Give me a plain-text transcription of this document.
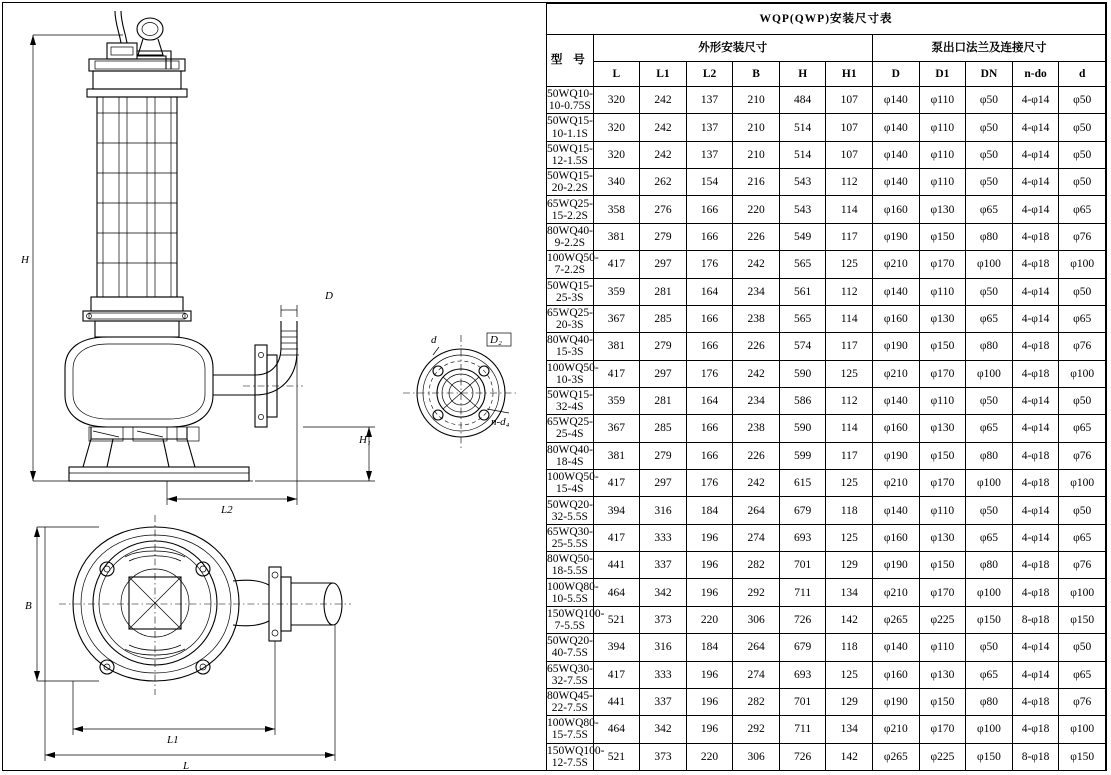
D
H
H₁
L2
d	D₂
n-d₄
B
L1
L
WQP(QWP)安装尺寸表											
型 号	外形安装尺寸						泵出口法兰及连接尺寸				
	L	L1	L2	B	H	H1	D	D1	DN	n-do	d
50WQ10-10-0.75S	320	242	137	210	484	107	φ140	φ110	φ50	4-φ14	φ50
50WQ15-10-1.1S	320	242	137	210	514	107	φ140	φ110	φ50	4-φ14	φ50
50WQ15-12-1.5S	320	242	137	210	514	107	φ140	φ110	φ50	4-φ14	φ50
50WQ15-20-2.2S	340	262	154	216	543	112	φ140	φ110	φ50	4-φ14	φ50
65WQ25-15-2.2S	358	276	166	220	543	114	φ160	φ130	φ65	4-φ14	φ65
80WQ40-9-2.2S	381	279	166	226	549	117	φ190	φ150	φ80	4-φ18	φ76
100WQ50-7-2.2S	417	297	176	242	565	125	φ210	φ170	φ100	4-φ18	φ100
50WQ15-25-3S	359	281	164	234	561	112	φ140	φ110	φ50	4-φ14	φ50
65WQ25-20-3S	367	285	166	238	565	114	φ160	φ130	φ65	4-φ14	φ65
80WQ40-15-3S	381	279	166	226	574	117	φ190	φ150	φ80	4-φ18	φ76
100WQ50-10-3S	417	297	176	242	590	125	φ210	φ170	φ100	4-φ18	φ100
50WQ15-32-4S	359	281	164	234	586	112	φ140	φ110	φ50	4-φ14	φ50
65WQ25-25-4S	367	285	166	238	590	114	φ160	φ130	φ65	4-φ14	φ65
80WQ40-18-4S	381	279	166	226	599	117	φ190	φ150	φ80	4-φ18	φ76
100WQ50-15-4S	417	297	176	242	615	125	φ210	φ170	φ100	4-φ18	φ100
50WQ20-32-5.5S	394	316	184	264	679	118	φ140	φ110	φ50	4-φ14	φ50
65WQ30-25-5.5S	417	333	196	274	693	125	φ160	φ130	φ65	4-φ14	φ65
80WQ50-18-5.5S	441	337	196	282	701	129	φ190	φ150	φ80	4-φ18	φ76
100WQ80-10-5.5S	464	342	196	292	711	134	φ210	φ170	φ100	4-φ18	φ100
150WQ100-7-5.5S	521	373	220	306	726	142	φ265	φ225	φ150	8-φ18	φ150
50WQ20-40-7.5S	394	316	184	264	679	118	φ140	φ110	φ50	4-φ14	φ50
65WQ30-32-7.5S	417	333	196	274	693	125	φ160	φ130	φ65	4-φ14	φ65
80WQ45-22-7.5S	441	337	196	282	701	129	φ190	φ150	φ80	4-φ18	φ76
100WQ80-15-7.5S	464	342	196	292	711	134	φ210	φ170	φ100	4-φ18	φ100
150WQ100-12-7.5S	521	373	220	306	726	142	φ265	φ225	φ150	8-φ18	φ150
